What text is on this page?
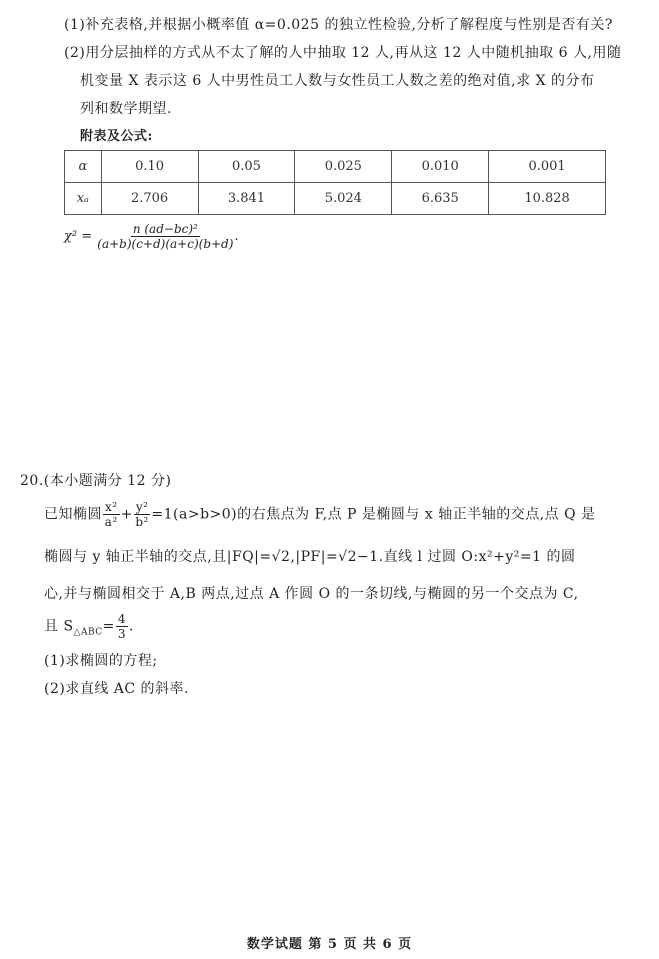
(1)补充表格,并根据小概率值 α=0.025 的独立性检验,分析了解程度与性别是否有关?
(2)用分层抽样的方式从不太了解的人中抽取 12 人,再从这 12 人中随机抽取 6 人,用随
机变量 X 表示这 6 人中男性员工人数与女性员工人数之差的绝对值,求 X 的分布
列和数学期望.
附表及公式:
α	0.10	0.05	0.025	0.010	0.001
xₐ	2.706	3.841	5.024	6.635	10.828
$\chi^2 = \frac{\text{n (ad−bc)²}}{(a+b)(c+d)(a+c)(b+d)}$ .
20.(本小题满分 12 分)
已知椭圆 $\frac{\text{x²}}{\text{a²}} + \frac{\text{y²}}{\text{b²}} =1(a>b>0)$的右焦点为 F,点 P 是椭圆与 x 轴正半轴的交点,点 Q 是
椭圆与 y 轴正半轴的交点,且|FQ|=√2,|PF|=√2−1.直线 l 过圆 O:x²+y²=1 的圆
心,并与椭圆相交于 A,B 两点,过点 A 作圆 O 的一条切线,与椭圆的另一个交点为 C,
且 $S_{\triangle ABC}= \frac{4}{3}$ .
(1)求椭圆的方程;
(2)求直线 AC 的斜率.
数学试题 第 5 页 共 6 页
